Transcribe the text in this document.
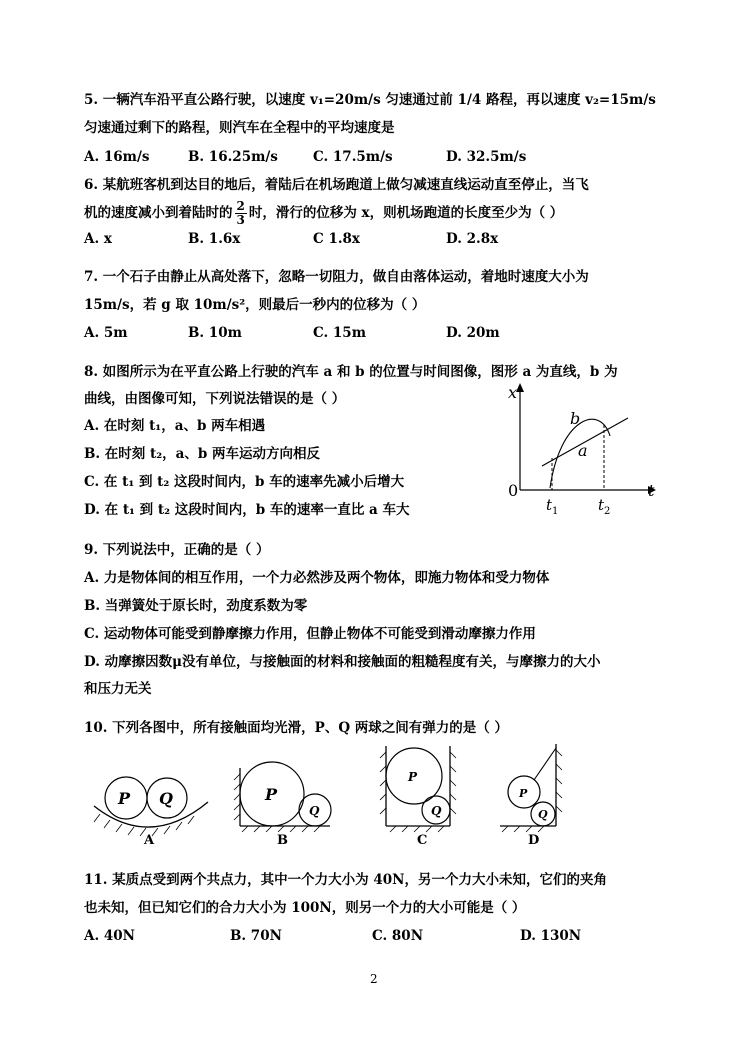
5. 一辆汽车沿平直公路行驶，以速度 v₁=20m/s 匀速通过前 1/4 路程，再以速度 v₂=15m/s
匀速通过剩下的路程，则汽车在全程中的平均速度是
A. 16m/s	B. 16.25m/s	C. 17.5m/s	D. 32.5m/s
6. 某航班客机到达目的地后，着陆后在机场跑道上做匀减速直线运动直至停止，当飞
机的速度减小到着陆时的 $\frac{2}{3}$ 时，滑行的位移为 x，则机场跑道的长度至少为（ ）
A. x	B. 1.6x	C 1.8x	D. 2.8x
7. 一个石子由静止从高处落下，忽略一切阻力，做自由落体运动，着地时速度大小为
15m/s，若 g 取 10m/s²，则最后一秒内的位移为（ ）
A. 5m	B. 10m	C. 15m	D. 20m
8. 如图所示为在平直公路上行驶的汽车 a 和 b 的位置与时间图像，图形 a 为直线，b 为
曲线，由图像可知，下列说法错误的是（ ）
A. 在时刻 t₁，a、b 两车相遇
B. 在时刻 t₂，a、b 两车运动方向相反
C. 在 t₁ 到 t₂ 这段时间内，b 车的速率先减小后增大
D. 在 t₁ 到 t₂ 这段时间内，b 车的速率一直比 a 车大
x
t
0
b
a
$t_1$	$t_2$
9. 下列说法中，正确的是（ ）
A. 力是物体间的相互作用，一个力必然涉及两个物体，即施力物体和受力物体
B. 当弹簧处于原长时，劲度系数为零
C. 运动物体可能受到静摩擦力作用，但静止物体不可能受到滑动摩擦力作用
D. 动摩擦因数μ没有单位，与接触面的材料和接触面的粗糙程度有关，与摩擦力的大小
和压力无关
10. 下列各图中，所有接触面均光滑，P、Q 两球之间有弹力的是（ ）
P Q
A
P
Q
B
P
Q
C
P
Q
D
11. 某质点受到两个共点力，其中一个力大小为 40N，另一个力大小未知，它们的夹角
也未知，但已知它们的合力大小为 100N，则另一个力的大小可能是（ ）
A. 40N	B. 70N	C. 80N	D. 130N
2
